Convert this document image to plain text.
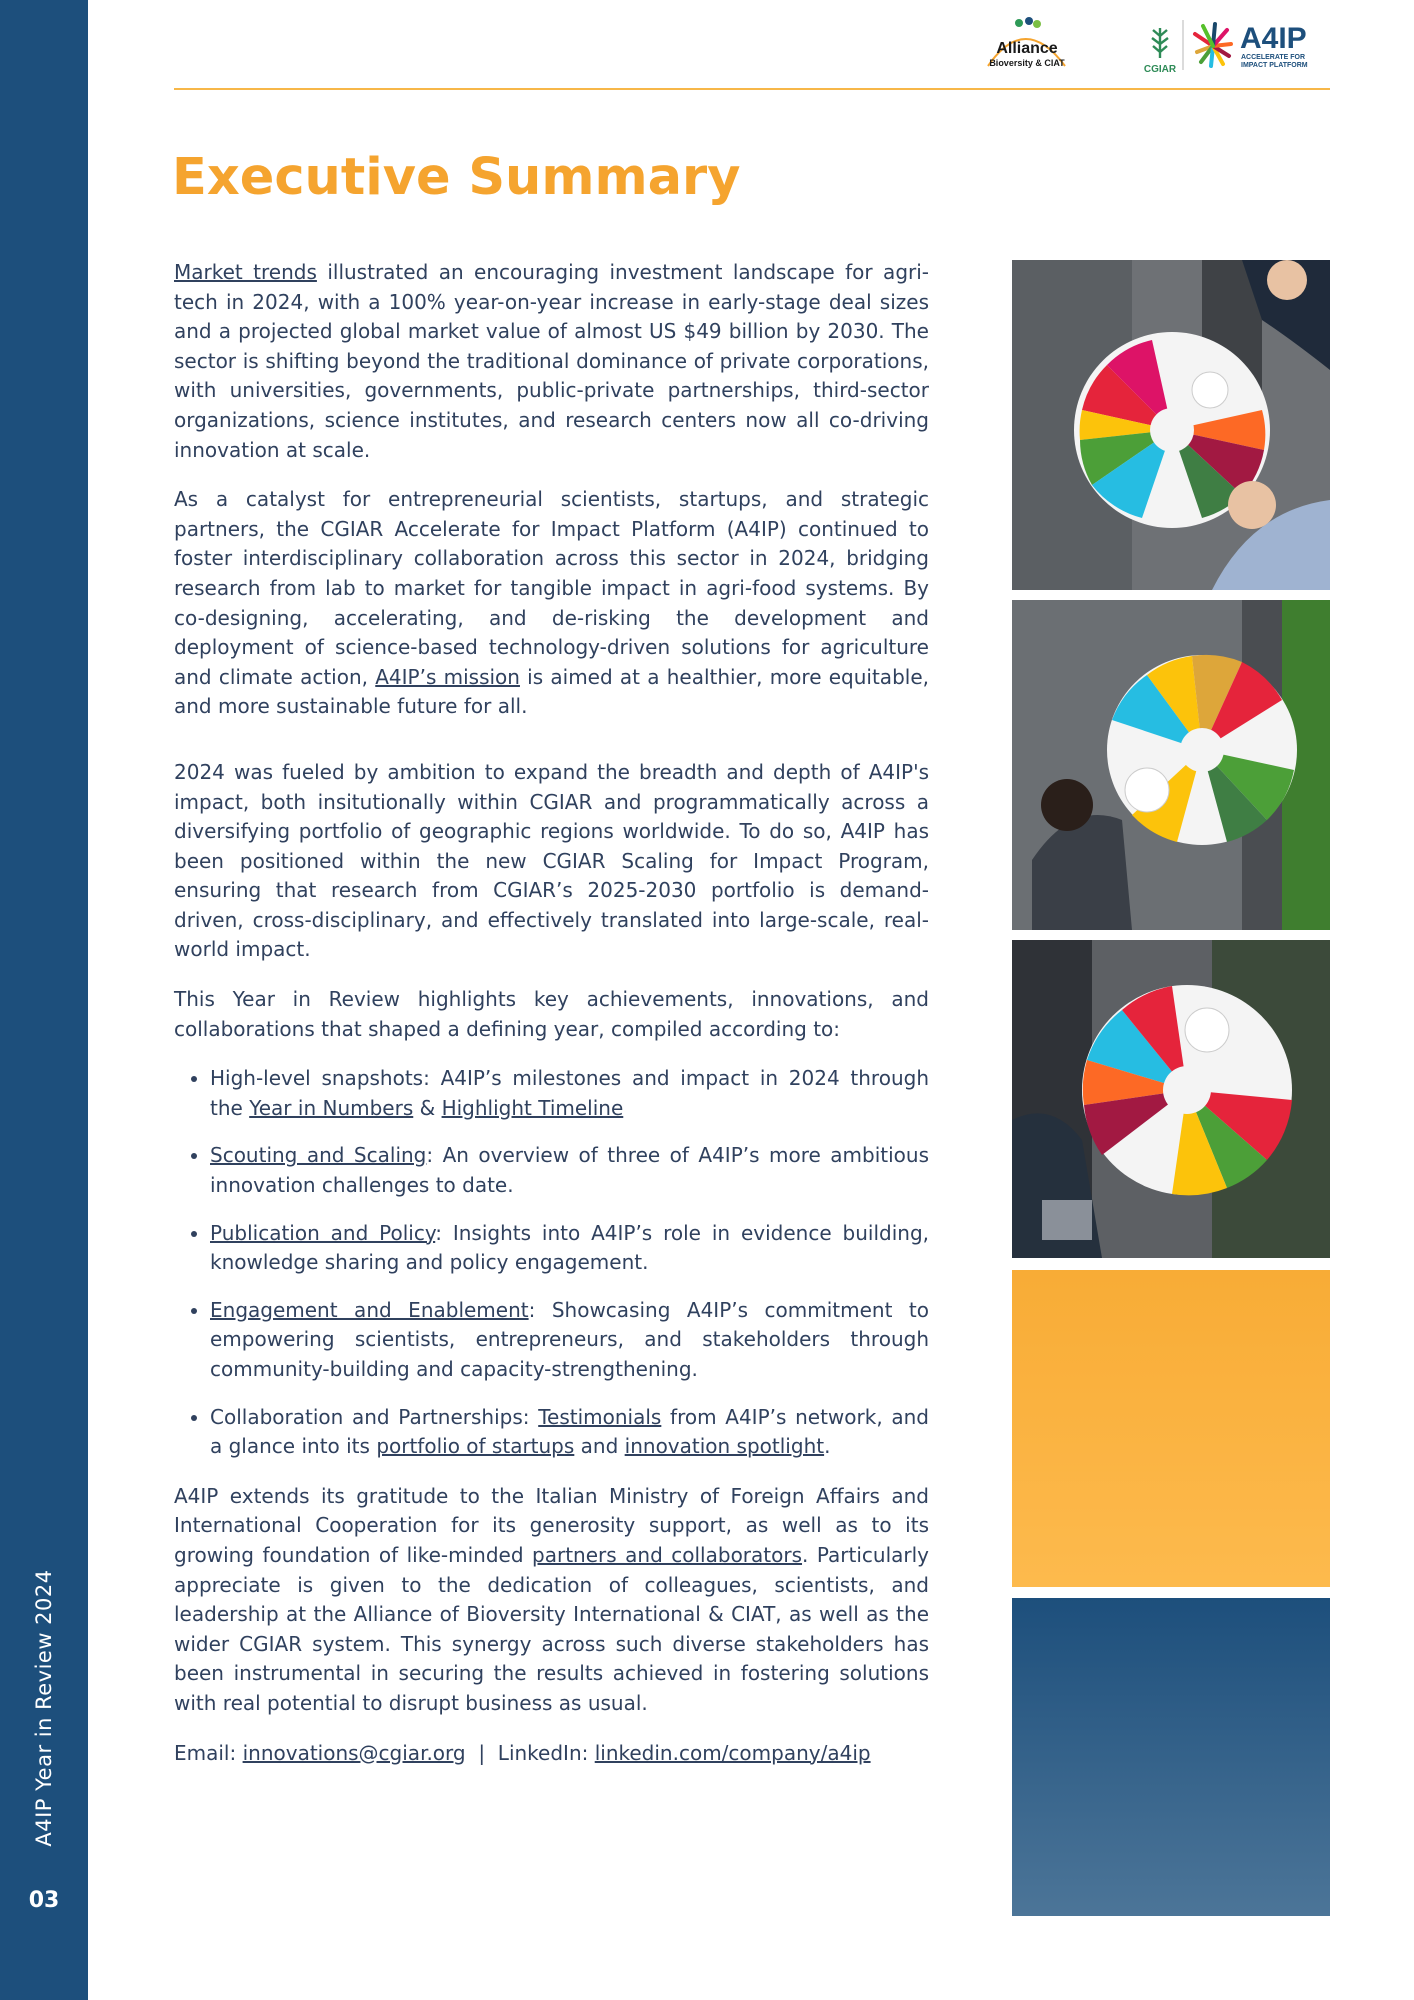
A4IP Year in Review 2024
03
Alliance
Bioversity & CIAT
CGIAR
A4IP
ACCELERATE FOR
IMPACT PLATFORM
Executive Summary

Market trends illustrated an encouraging investment landscape for agri-tech in 2024, with a 100% year-on-year increase in early-stage deal sizes and a projected global market value of almost US $49 billion by 2030. The sector is shifting beyond the traditional dominance of private corporations, with universities, governments, public-private partnerships, third-sector organizations, science institutes, and research centers now all co-driving innovation at scale.

As a catalyst for entrepreneurial scientists, startups, and strategic partners, the CGIAR Accelerate for Impact Platform (A4IP) continued to foster interdisciplinary collaboration across this sector in 2024, bridging research from lab to market for tangible impact in agri-food systems. By co-designing, accelerating, and de-risking the development and deployment of science-based technology-driven solutions for agriculture and climate action, A4IP’s mission is aimed at a healthier, more equitable, and more sustainable future for all.

2024 was fueled by ambition to expand the breadth and depth of A4IP's impact, both insitutionally within CGIAR and programmatically across a diversifying portfolio of geographic regions worldwide. To do so, A4IP has been positioned within the new CGIAR Scaling for Impact Program, ensuring that research from CGIAR’s 2025-2030 portfolio is demand-driven, cross-disciplinary, and effectively translated into large-scale, real-world impact.

This Year in Review highlights key achievements, innovations, and collaborations that shaped a defining year, compiled according to:

• High-level snapshots: A4IP’s milestones and impact in 2024 through the Year in Numbers & Highlight Timeline
• Scouting and Scaling: An overview of three of A4IP’s more ambitious innovation challenges to date.
• Publication and Policy: Insights into A4IP’s role in evidence building, knowledge sharing and policy engagement.
• Engagement and Enablement: Showcasing A4IP’s commitment to empowering scientists, entrepreneurs, and stakeholders through community-building and capacity-strengthening.
• Collaboration and Partnerships: Testimonials from A4IP’s network, and a glance into its portfolio of startups and innovation spotlight.

A4IP extends its gratitude to the Italian Ministry of Foreign Affairs and International Cooperation for its generosity support, as well as to its growing foundation of like-minded partners and collaborators. Particularly appreciate is given to the dedication of colleagues, scientists, and leadership at the Alliance of Bioversity International & CIAT, as well as the wider CGIAR system. This synergy across such diverse stakeholders has been instrumental in securing the results achieved in fostering solutions with real potential to disrupt business as usual.

Email: innovations@cgiar.org  |  LinkedIn: linkedin.com/company/a4ip
